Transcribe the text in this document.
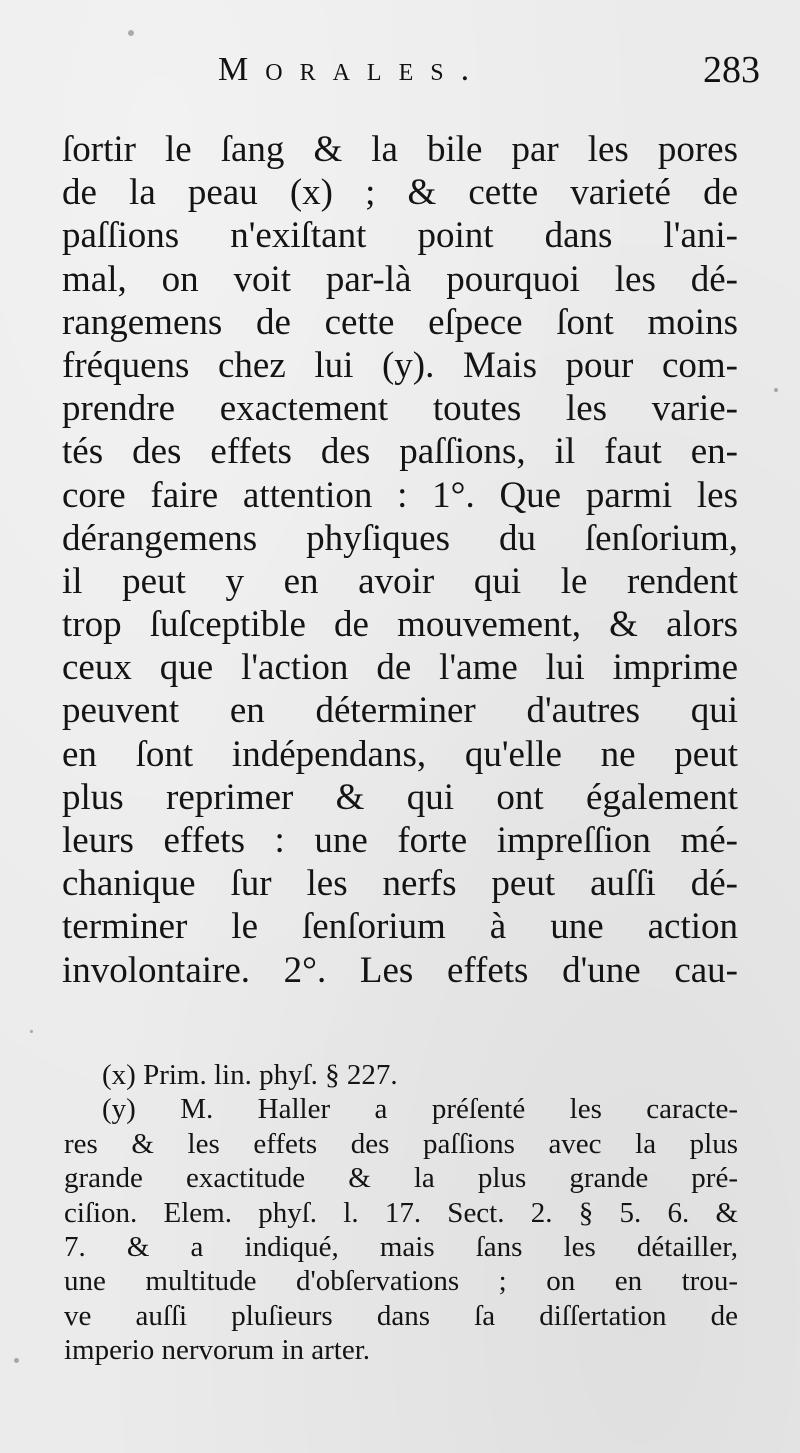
Morales.	283
ſortir le ſang & la bile par les pores
de la peau (x) ; & cette varieté de
paſſions n'exiſtant point dans l'ani-
mal, on voit par-là pourquoi les dé-
rangemens de cette eſpece ſont moins
fréquens chez lui (y). Mais pour com-
prendre exactement toutes les varie-
tés des effets des paſſions, il faut en-
core faire attention : 1°. Que parmi les
dérangemens phyſiques du ſenſorium,
il peut y en avoir qui le rendent
trop ſuſceptible de mouvement, & alors
ceux que l'action de l'ame lui imprime
peuvent en déterminer d'autres qui
en ſont indépendans, qu'elle ne peut
plus reprimer & qui ont également
leurs effets : une forte impreſſion mé-
chanique ſur les nerfs peut auſſi dé-
terminer le ſenſorium à une action
involontaire. 2°. Les effets d'une cau-
(x) Prim. lin. phyſ. § 227.
(y) M. Haller a préſenté les caracte-
res & les effets des paſſions avec la plus
grande exactitude & la plus grande pré-
ciſion. Elem. phyſ. l. 17. Sect. 2. § 5. 6. &
7. & a indiqué, mais ſans les détailler,
une multitude d'obſervations ; on en trou-
ve auſſi pluſieurs dans ſa diſſertation de
imperio nervorum in arter.
